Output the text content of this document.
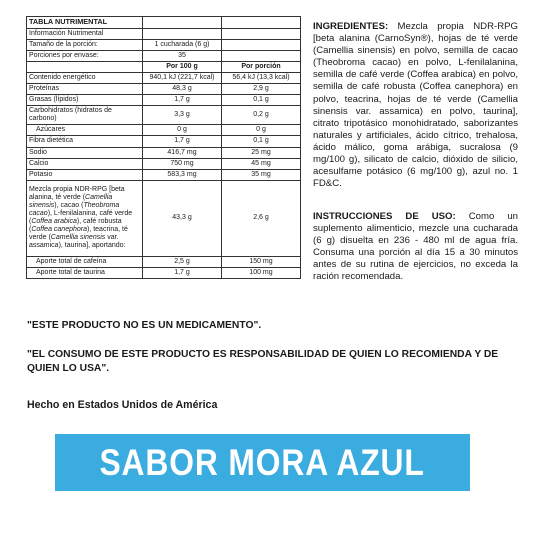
TABLA NUTRIMENTAL		
Información Nutrimental		
Tamaño de la porción:	1 cucharada (6 g)	
Porciones por envase:	35	
	Por 100 g	Por porción
Contenido energético	940,1 kJ (221,7 kcal)	56,4 kJ (13,3 kcal)
Proteínas	48,3 g	2,9 g
Grasas (lípidos)	1,7 g	0,1 g
Carbohidratos (hidratos de carbono)	3,3 g	0,2 g
Azúcares	0 g	0 g
Fibra dietética	1,7 g	0,1 g
Sodio	416,7 mg	25 mg
Calcio	750 mg	45 mg
Potasio	583,3 mg	35 mg
Mezcla propia NDR-RPG [beta alanina, té verde (Camellia sinensis), cacao (Theobroma cacao), L-fenilalanina, café verde (Coffea arabica), café robusta (Coffea canephora), teacrina, té verde (Camellia sinensis var. assamica), taurina], aportando:	43,3 g	2,6 g
Aporte total de cafeína	2,5 g	150 mg
Aporte total de taurina	1,7 g	100 mg

INGREDIENTES: Mezcla propia NDR-RPG [beta alanina (CarnoSyn®), hojas de té verde (Camellia sinensis) en polvo, semilla de cacao (Theobroma cacao) en polvo, L-fenilalanina, semilla de café verde (Coffea arabica) en polvo, semilla de café robusta (Coffea canephora) en polvo, teacrina, hojas de té verde (Camellia sinensis var. assamica) en polvo, taurina], citrato tripotásico monohidratado, saborizantes naturales y artificiales, ácido cítrico, trehalosa, ácido málico, goma arábiga, sucralosa (9 mg/100 g), silicato de calcio, dióxido de silicio, acesulfame potásico (6 mg/100 g), azul no. 1 FD&C.

INSTRUCCIONES DE USO: Como un suplemento alimenticio, mezcle una cucharada (6 g) disuelta en 236 - 480 ml de agua fría. Consuma una porción al día 15 a 30 minutos antes de su rutina de ejercicios, no exceda la ración recomendada.

"ESTE PRODUCTO NO ES UN MEDICAMENTO".

"EL CONSUMO DE ESTE PRODUCTO ES RESPONSABILIDAD DE QUIEN LO RECOMIENDA Y DE QUIEN LO USA".

Hecho en Estados Unidos de América

SABOR MORA AZUL
